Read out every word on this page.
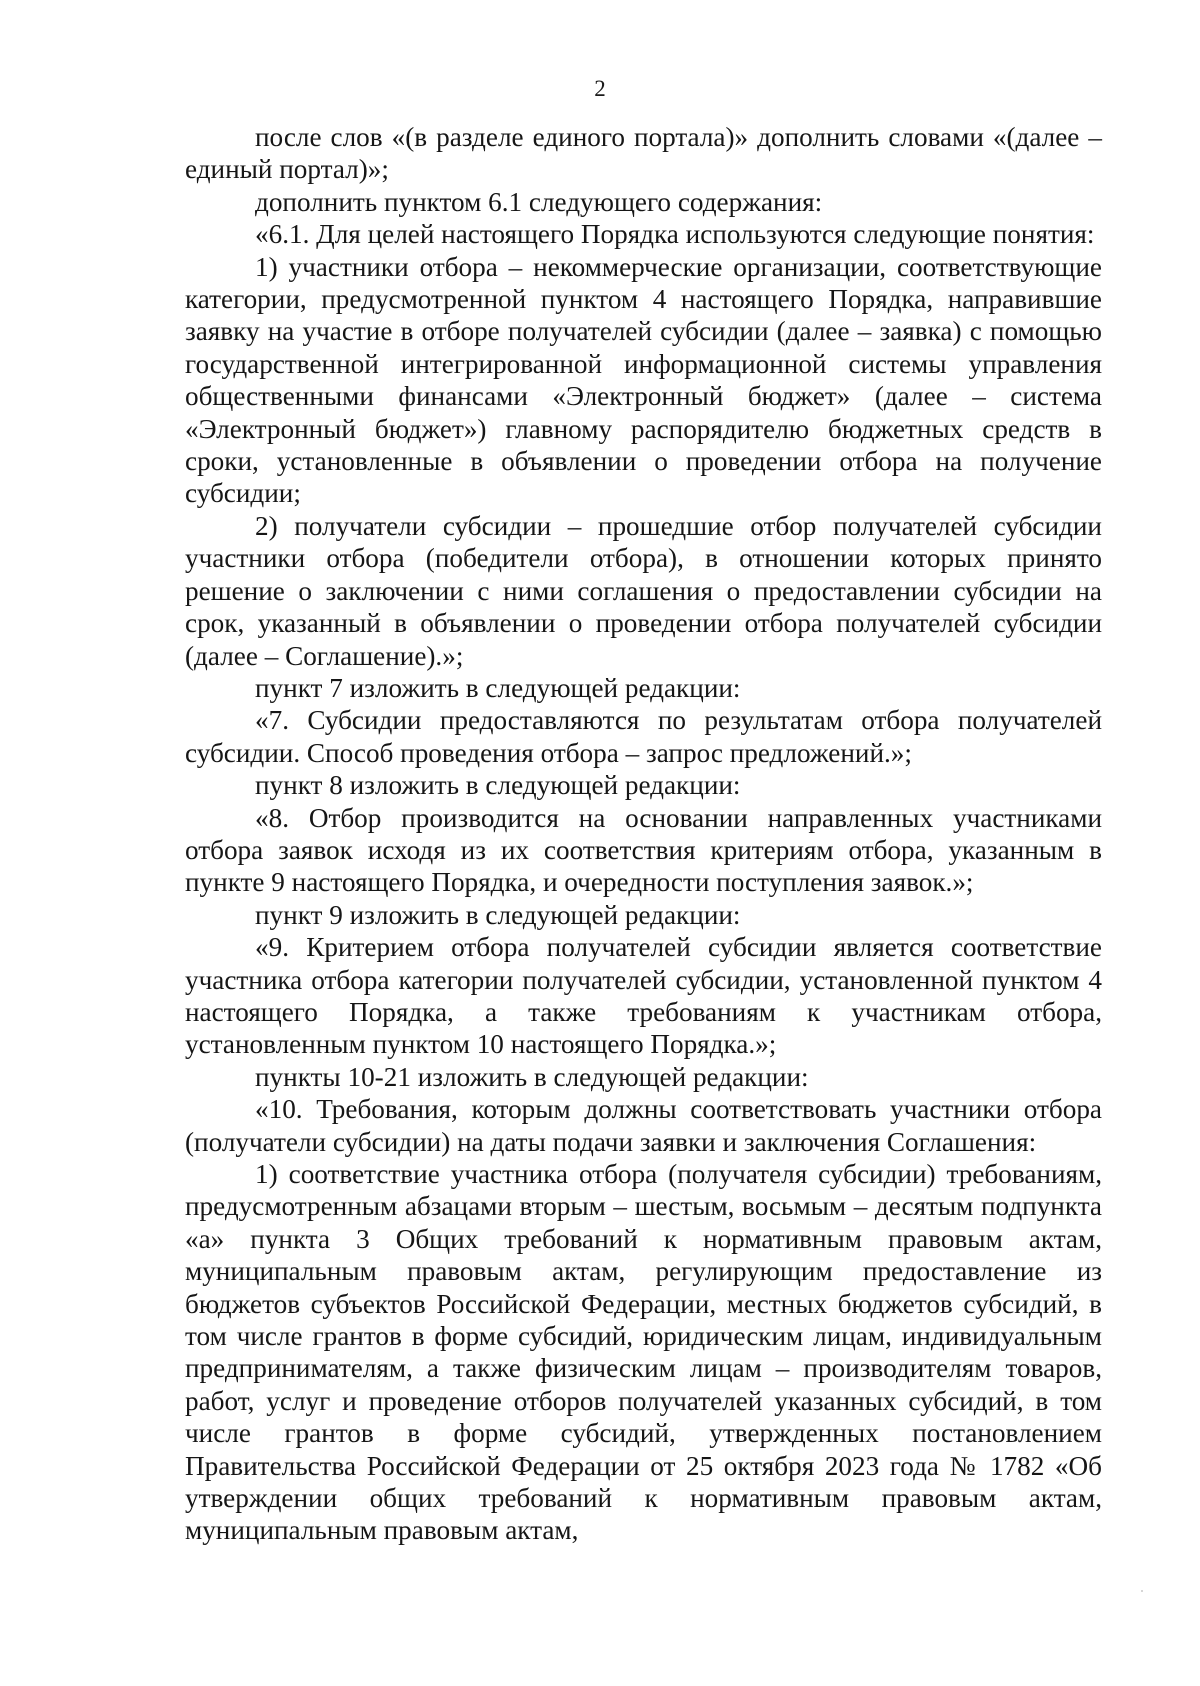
2

после слов «(в разделе единого портала)» дополнить словами «(далее – единый портал)»;

дополнить пунктом 6.1 следующего содержания:

«6.1. Для целей настоящего Порядка используются следующие понятия:

1) участники отбора – некоммерческие организации, соответствующие категории, предусмотренной пунктом 4 настоящего Порядка, направившие заявку на участие в отборе получателей субсидии (далее – заявка) с помощью государственной интегрированной информационной системы управления общественными финансами «Электронный бюджет» (далее – система «Электронный бюджет») главному распорядителю бюджетных средств в сроки, установленные в объявлении о проведении отбора на получение субсидии;

2) получатели субсидии – прошедшие отбор получателей субсидии участники отбора (победители отбора), в отношении которых принято решение о заключении с ними соглашения о предоставлении субсидии на срок, указанный в объявлении о проведении отбора получателей субсидии (далее – Соглашение).»;

пункт 7 изложить в следующей редакции:

«7. Субсидии предоставляются по результатам отбора получателей субсидии. Способ проведения отбора – запрос предложений.»;

пункт 8 изложить в следующей редакции:

«8. Отбор производится на основании направленных участниками отбора заявок исходя из их соответствия критериям отбора, указанным в пункте 9 настоящего Порядка, и очередности поступления заявок.»;

пункт 9 изложить в следующей редакции:

«9. Критерием отбора получателей субсидии является соответствие участника отбора категории получателей субсидии, установленной пунктом 4 настоящего Порядка, а также требованиям к участникам отбора, установленным пунктом 10 настоящего Порядка.»;

пункты 10-21 изложить в следующей редакции:

«10. Требования, которым должны соответствовать участники отбора (получатели субсидии) на даты подачи заявки и заключения Соглашения:

1) соответствие участника отбора (получателя субсидии) требованиям, предусмотренным абзацами вторым – шестым, восьмым – десятым подпункта «а» пункта 3 Общих требований к нормативным правовым актам, муниципальным правовым актам, регулирующим предоставление из бюджетов субъектов Российской Федерации, местных бюджетов субсидий, в том числе грантов в форме субсидий, юридическим лицам, индивидуальным предпринимателям, а также физическим лицам – производителям товаров, работ, услуг и проведение отборов получателей указанных субсидий, в том числе грантов в форме субсидий, утвержденных постановлением Правительства Российской Федерации от 25 октября 2023 года № 1782 «Об утверждении общих требований к нормативным правовым актам, муниципальным правовым актам,
